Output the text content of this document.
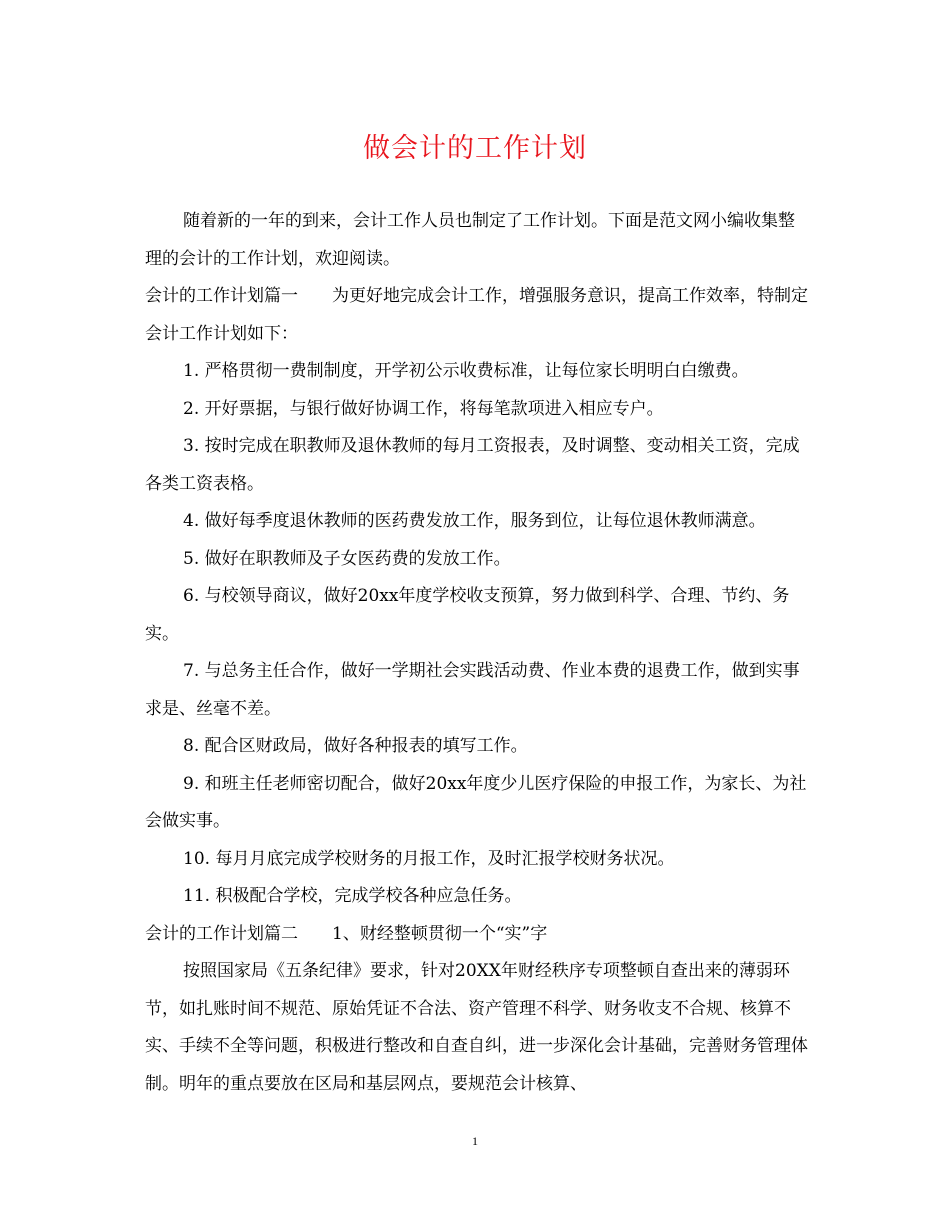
做会计的工作计划

随着新的一年的到来，会计工作人员也制定了工作计划。下面是范文网小编收集整理的会计的工作计划，欢迎阅读。

会计的工作计划篇一 为更好地完成会计工作，增强服务意识，提高工作效率，特制定会计工作计划如下：

1. 严格贯彻一费制制度，开学初公示收费标准，让每位家长明明白白缴费。

2. 开好票据，与银行做好协调工作，将每笔款项进入相应专户。

3. 按时完成在职教师及退休教师的每月工资报表，及时调整、变动相关工资，完成各类工资表格。

4. 做好每季度退休教师的医药费发放工作，服务到位，让每位退休教师满意。

5. 做好在职教师及子女医药费的发放工作。

6. 与校领导商议，做好20xx年度学校收支预算，努力做到科学、合理、节约、务实。

7. 与总务主任合作，做好一学期社会实践活动费、作业本费的退费工作，做到实事求是、丝毫不差。

8. 配合区财政局，做好各种报表的填写工作。

9. 和班主任老师密切配合，做好20xx年度少儿医疗保险的申报工作，为家长、为社会做实事。

10. 每月月底完成学校财务的月报工作，及时汇报学校财务状况。

11. 积极配合学校，完成学校各种应急任务。

会计的工作计划篇二 1、财经整顿贯彻一个“实”字

按照国家局《五条纪律》要求，针对20XX年财经秩序专项整顿自查出来的薄弱环节，如扎账时间不规范、原始凭证不合法、资产管理不科学、财务收支不合规、核算不实、手续不全等问题，积极进行整改和自查自纠，进一步深化会计基础，完善财务管理体制。明年的重点要放在区局和基层网点，要规范会计核算、

1
